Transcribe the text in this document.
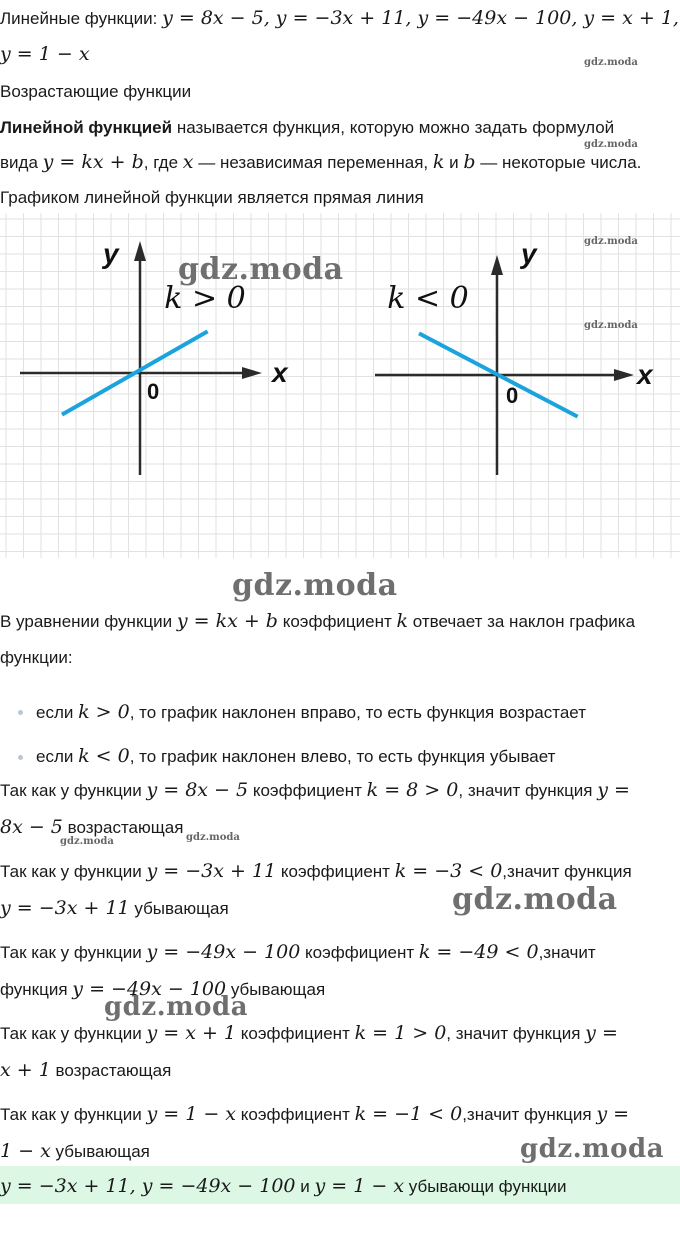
Линейные функции: y = 8x − 5, y = −3x + 11, y = −49x − 100, y = x + 1,
y = 1 − x	gdz.moda
Возрастающие функции
Линейной функцией называется функция, которую можно задать формулой
gdz.moda
вида y = kx + b, где x — независимая переменная, k и b — некоторые числа.
Графиком линейной функции является прямая линия
y
x
0
k > 0
y
x
0
k < 0
gdz.moda
gdz.moda
gdz.moda
gdz.moda
В уравнении функции y = kx + b коэффициент k отвечает за наклон графика
функции:
если k > 0, то график наклонен вправо, то есть функция возрастает
если k < 0, то график наклонен влево, то есть функция убывает
Так как у функции y = 8x − 5 коэффициент k = 8 > 0, значит функция y =
8x − 5 возрастающая
gdz.moda	gdz.moda
Так как у функции y = −3x + 11 коэффициент k = −3 < 0,значит функция
y = −3x + 11 убывающая	gdz.moda
Так как у функции y = −49x − 100 коэффициент k = −49 < 0,значит
функция y = −49x − 100 убывающая
gdz.moda
Так как у функции y = x + 1 коэффициент k = 1 > 0, значит функция y =
x + 1 возрастающая
Так как у функции y = 1 − x коэффициент k = −1 < 0,значит функция y =
1 − x убывающая	gdz.moda
y = −3x + 11, y = −49x − 100 и y = 1 − x убывающи функции
